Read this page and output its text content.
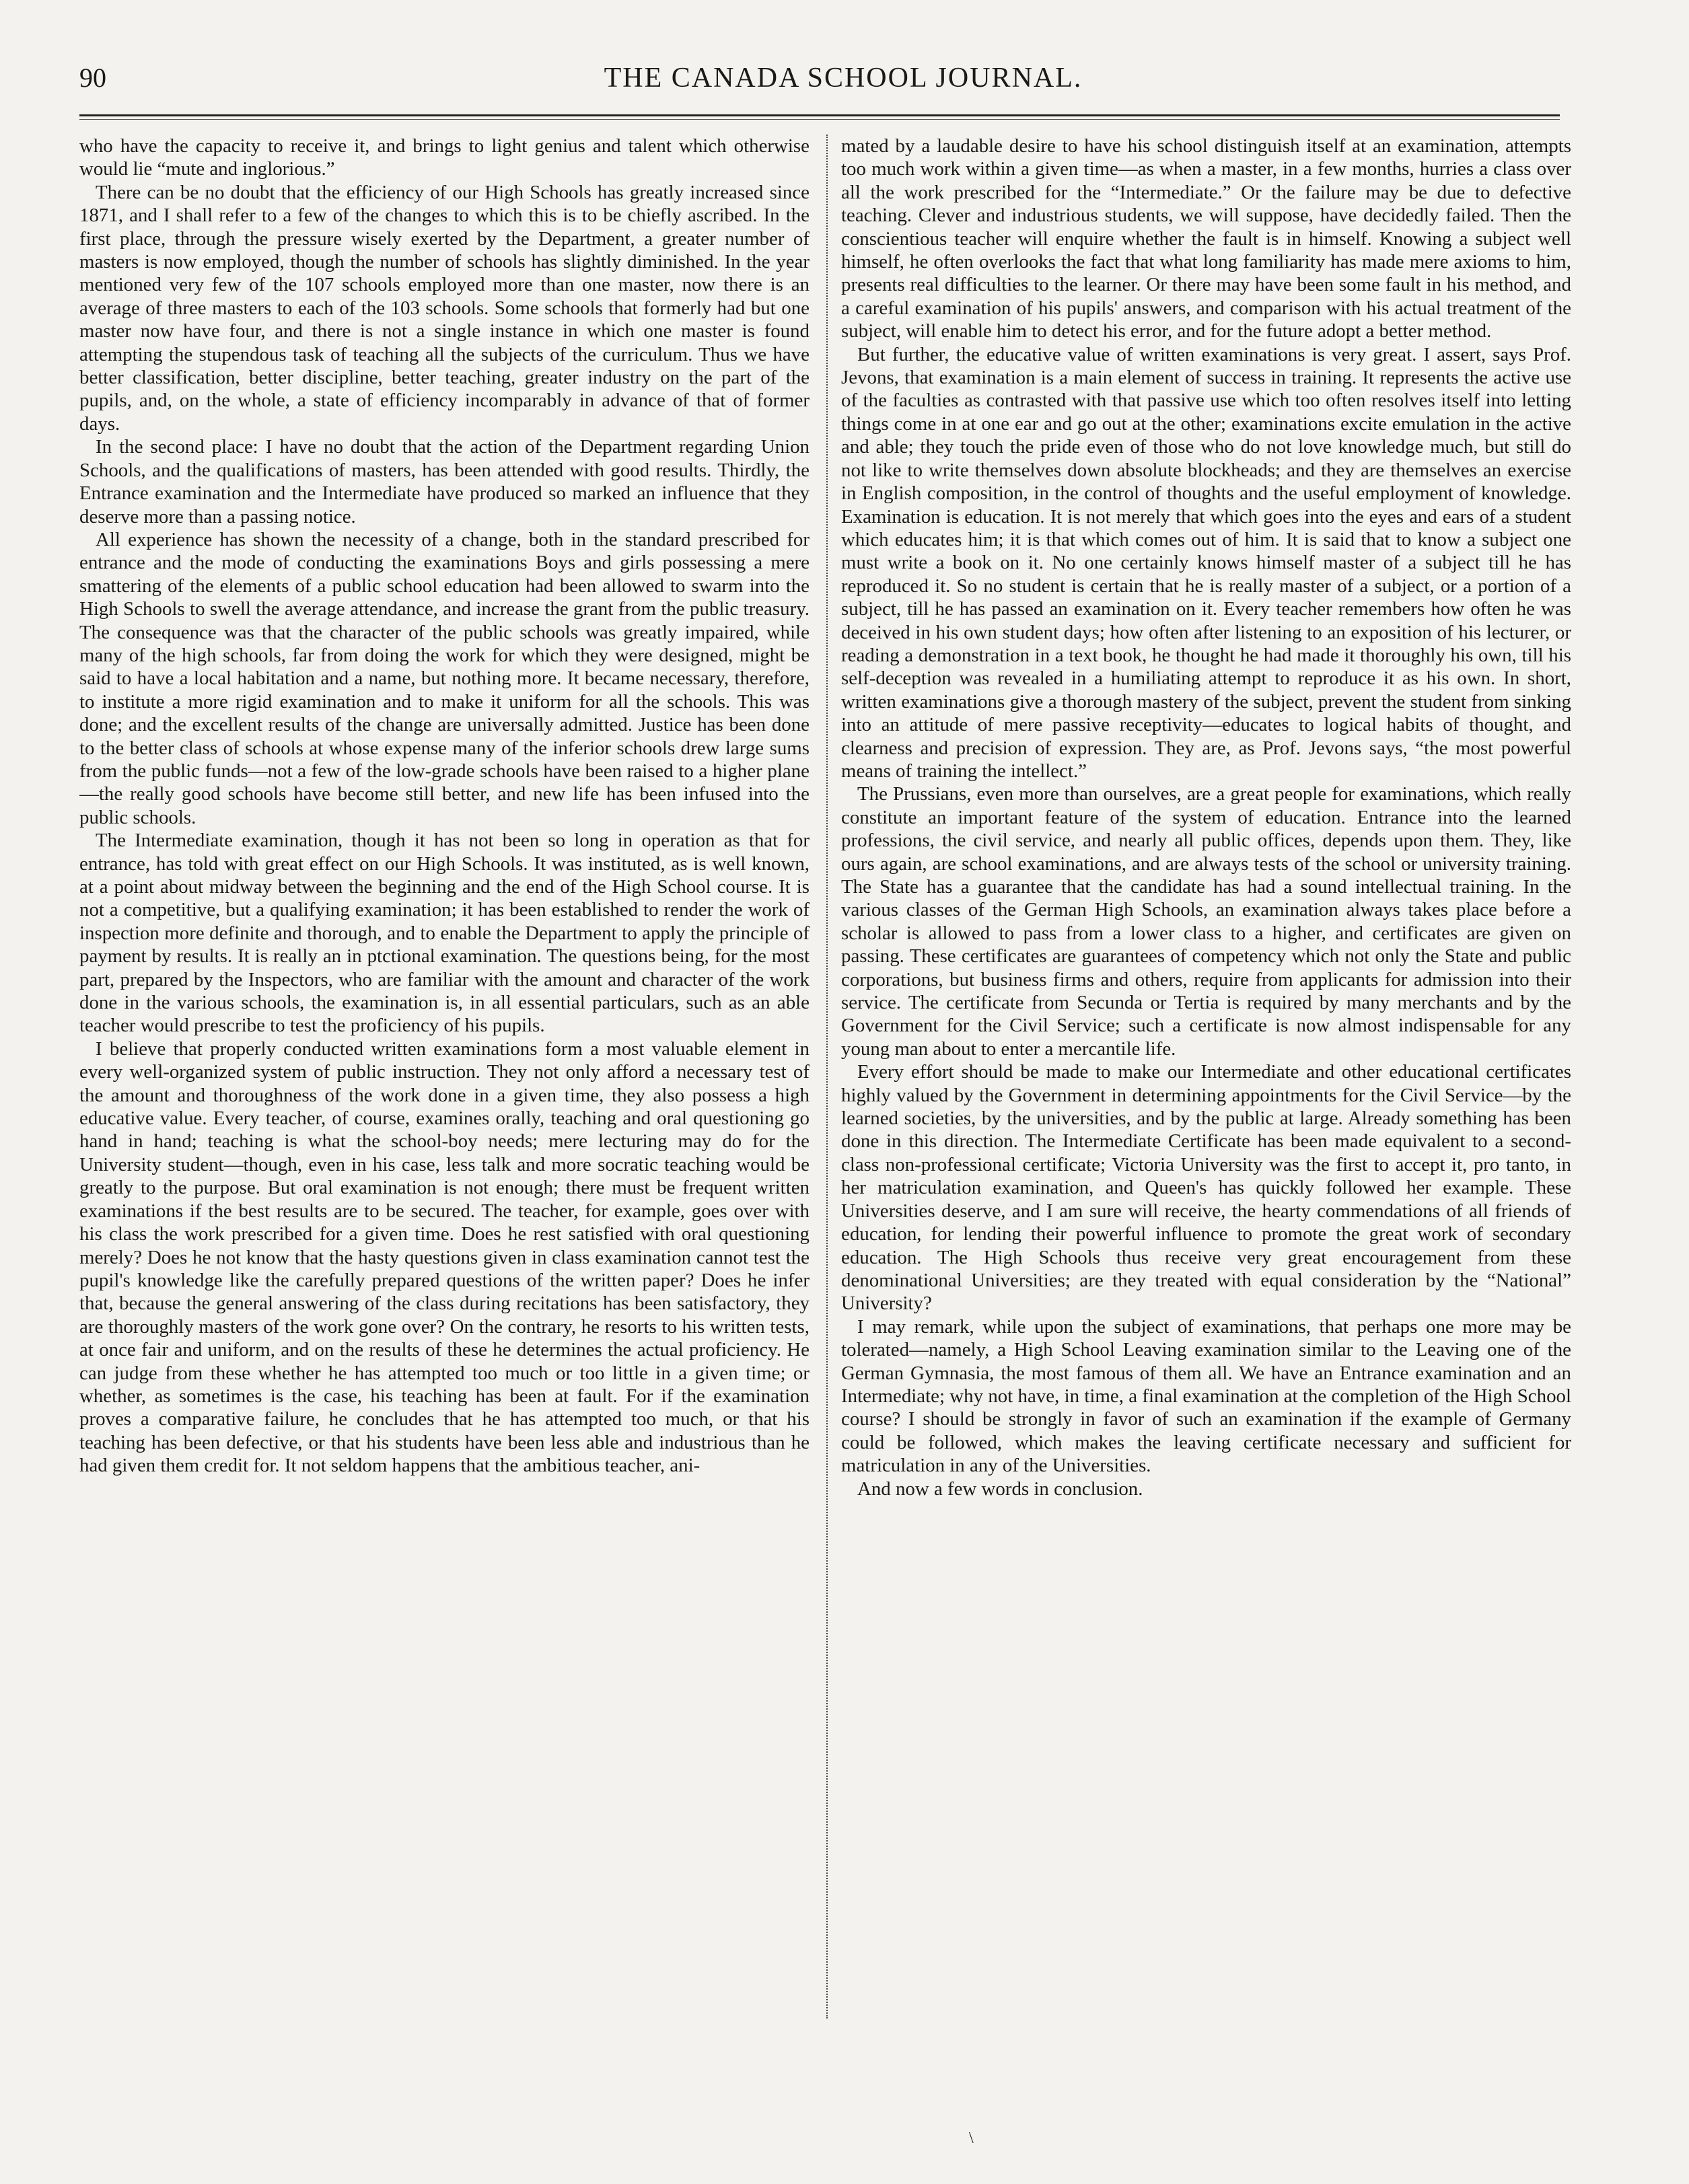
90	THE CANADA SCHOOL JOURNAL.

who have the capacity to receive it, and brings to light genius and talent which otherwise would lie “mute and inglorious.”

There can be no doubt that the efficiency of our High Schools has greatly increased since 1871, and I shall refer to a few of the changes to which this is to be chiefly ascribed. In the first place, through the pressure wisely exerted by the Department, a greater number of masters is now employed, though the number of schools has slightly diminished. In the year mentioned very few of the 107 schools employed more than one master, now there is an average of three masters to each of the 103 schools. Some schools that formerly had but one master now have four, and there is not a single instance in which one master is found attempting the stupendous task of teaching all the subjects of the curriculum. Thus we have better classification, better discipline, better teaching, greater industry on the part of the pupils, and, on the whole, a state of efficiency incomparably in advance of that of former days.

In the second place: I have no doubt that the action of the Department regarding Union Schools, and the qualifications of masters, has been attended with good results. Thirdly, the Entrance examination and the Intermediate have produced so marked an influence that they deserve more than a passing notice.

All experience has shown the necessity of a change, both in the standard prescribed for entrance and the mode of conducting the examinations Boys and girls possessing a mere smattering of the elements of a public school education had been allowed to swarm into the High Schools to swell the average attendance, and increase the grant from the public treasury. The consequence was that the character of the public schools was greatly impaired, while many of the high schools, far from doing the work for which they were designed, might be said to have a local habitation and a name, but nothing more. It became necessary, therefore, to institute a more rigid examination and to make it uniform for all the schools. This was done; and the excellent results of the change are universally admitted. Justice has been done to the better class of schools at whose expense many of the inferior schools drew large sums from the public funds—not a few of the low-grade schools have been raised to a higher plane—the really good schools have become still better, and new life has been infused into the public schools.

The Intermediate examination, though it has not been so long in operation as that for entrance, has told with great effect on our High Schools. It was instituted, as is well known, at a point about midway between the beginning and the end of the High School course. It is not a competitive, but a qualifying examination; it has been established to render the work of inspection more definite and thorough, and to enable the Department to apply the principle of payment by results. It is really an in ptctional examination. The questions being, for the most part, prepared by the Inspectors, who are familiar with the amount and character of the work done in the various schools, the examination is, in all essential particulars, such as an able teacher would prescribe to test the proficiency of his pupils.

I believe that properly conducted written examinations form a most valuable element in every well-organized system of public instruction. They not only afford a necessary test of the amount and thoroughness of the work done in a given time, they also possess a high educative value. Every teacher, of course, examines orally, teaching and oral questioning go hand in hand; teaching is what the school-boy needs; mere lecturing may do for the University student—though, even in his case, less talk and more socratic teaching would be greatly to the purpose. But oral examination is not enough; there must be frequent written examinations if the best results are to be secured. The teacher, for example, goes over with his class the work prescribed for a given time. Does he rest satisfied with oral questioning merely? Does he not know that the hasty questions given in class examination cannot test the pupil's knowledge like the carefully prepared questions of the written paper? Does he infer that, because the general answering of the class during recitations has been satisfactory, they are thoroughly masters of the work gone over? On the contrary, he resorts to his written tests, at once fair and uniform, and on the results of these he determines the actual proficiency. He can judge from these whether he has attempted too much or too little in a given time; or whether, as sometimes is the case, his teaching has been at fault. For if the examination proves a comparative failure, he concludes that he has attempted too much, or that his teaching has been defective, or that his students have been less able and industrious than he had given them credit for. It not seldom happens that the ambitious teacher, ani-

mated by a laudable desire to have his school distinguish itself at an examination, attempts too much work within a given time—as when a master, in a few months, hurries a class over all the work prescribed for the “Intermediate.” Or the failure may be due to defective teaching. Clever and industrious students, we will suppose, have decidedly failed. Then the conscientious teacher will enquire whether the fault is in himself. Knowing a subject well himself, he often overlooks the fact that what long familiarity has made mere axioms to him, presents real difficulties to the learner. Or there may have been some fault in his method, and a careful examination of his pupils' answers, and comparison with his actual treatment of the subject, will enable him to detect his error, and for the future adopt a better method.

But further, the educative value of written examinations is very great. I assert, says Prof. Jevons, that examination is a main element of success in training. It represents the active use of the faculties as contrasted with that passive use which too often resolves itself into letting things come in at one ear and go out at the other; examinations excite emulation in the active and able; they touch the pride even of those who do not love knowledge much, but still do not like to write themselves down absolute blockheads; and they are themselves an exercise in English composition, in the control of thoughts and the useful employment of knowledge. Examination is education. It is not merely that which goes into the eyes and ears of a student which educates him; it is that which comes out of him. It is said that to know a subject one must write a book on it. No one certainly knows himself master of a subject till he has reproduced it. So no student is certain that he is really master of a subject, or a portion of a subject, till he has passed an examination on it. Every teacher remembers how often he was deceived in his own student days; how often after listening to an exposition of his lecturer, or reading a demonstration in a text book, he thought he had made it thoroughly his own, till his self-deception was revealed in a humiliating attempt to reproduce it as his own. In short, written examinations give a thorough mastery of the subject, prevent the student from sinking into an attitude of mere passive receptivity—educates to logical habits of thought, and clearness and precision of expression. They are, as Prof. Jevons says, “the most powerful means of training the intellect.”

The Prussians, even more than ourselves, are a great people for examinations, which really constitute an important feature of the system of education. Entrance into the learned professions, the civil service, and nearly all public offices, depends upon them. They, like ours again, are school examinations, and are always tests of the school or university training. The State has a guarantee that the candidate has had a sound intellectual training. In the various classes of the German High Schools, an examination always takes place before a scholar is allowed to pass from a lower class to a higher, and certificates are given on passing. These certificates are guarantees of competency which not only the State and public corporations, but business firms and others, require from applicants for admission into their service. The certificate from Secunda or Tertia is required by many merchants and by the Government for the Civil Service; such a certificate is now almost indispensable for any young man about to enter a mercantile life.

Every effort should be made to make our Intermediate and other educational certificates highly valued by the Government in determining appointments for the Civil Service—by the learned societies, by the universities, and by the public at large. Already something has been done in this direction. The Intermediate Certificate has been made equivalent to a second-class non-professional certificate; Victoria University was the first to accept it, pro tanto, in her matriculation examination, and Queen's has quickly followed her example. These Universities deserve, and I am sure will receive, the hearty commendations of all friends of education, for lending their powerful influence to promote the great work of secondary education. The High Schools thus receive very great encouragement from these denominational Universities; are they treated with equal consideration by the “National” University?

I may remark, while upon the subject of examinations, that perhaps one more may be tolerated—namely, a High School Leaving examination similar to the Leaving one of the German Gymnasia, the most famous of them all. We have an Entrance examination and an Intermediate; why not have, in time, a final examination at the completion of the High School course? I should be strongly in favor of such an examination if the example of Germany could be followed, which makes the leaving certificate necessary and sufficient for matriculation in any of the Universities.

And now a few words in conclusion.

\
